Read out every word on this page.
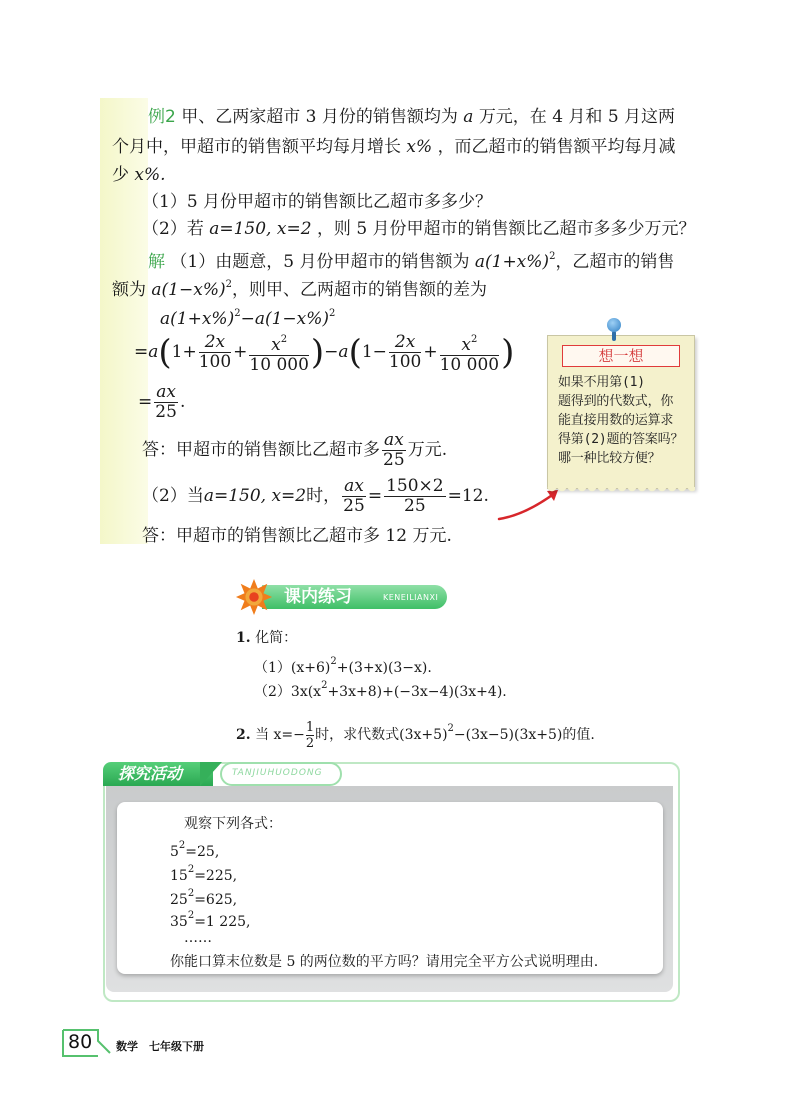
例2 甲、乙两家超市 3 月份的销售额均为 a 万元，在 4 月和 5 月这两
个月中，甲超市的销售额平均每月增长 x% ，而乙超市的销售额平均每月减
少 x%.
（1）5 月份甲超市的销售额比乙超市多多少？
（2）若 a=150, x=2 ，则 5 月份甲超市的销售额比乙超市多多少万元？
解 （1）由题意，5 月份甲超市的销售额为 $a(1+x\%)^2$，乙超市的销售
额为 $a(1-x\%)^2$，则甲、乙两超市的销售额的差为
$a(1+x\%)^2-a(1-x\%)^2$
$=a(1+ \frac{2x}{100} + \frac{x^2}{10 000} )-a(1- \frac{2x}{100} + \frac{x^2}{10 000}$ )
= $\frac{ax}{25}$ .
答：甲超市的销售额比乙超市多 $\frac{ax}{25}$ 万元.
（2）当a=150, x=2时， $\frac{ax}{25} = \frac{150\times 2}{25} =12$.
答：甲超市的销售额比乙超市多 12 万元.
想一想
如果不用第(1)
题得到的代数式，你
能直接用数的运算求
得第(2)题的答案吗？
哪一种比较方便？
课内练习	KENEILIANXI
1. 化简：
$(1)(x+6)^2+(3+x)(3-x)$.
$(2)3x(x^2+3x+8)+(-3x-4)(3x+4)$.
2. 当 $x=- \frac{1}{2}$ 时，求代数式$(3x+5)^2-(3x-5)(3x+5)$的值.
TANJIUHUODONG
探究活动
观察下列各式：
$5^2=25$,
$15^2=225$,
$25^2=625$,
$35^2=1$ 225,
……
你能口算末位数是 5 的两位数的平方吗？请用完全平方公式说明理由.
80 数学　七年级下册
